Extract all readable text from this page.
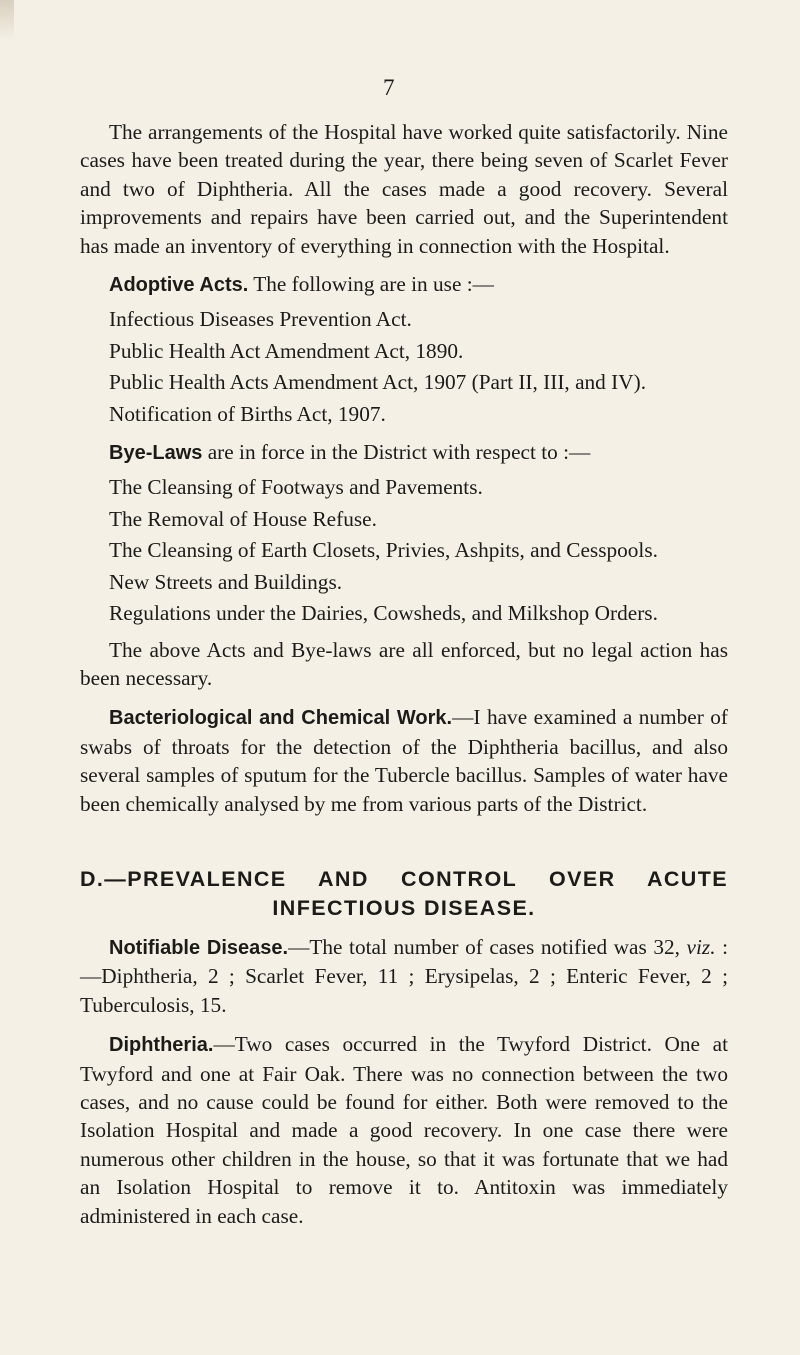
7

The arrangements of the Hospital have worked quite satisfactorily. Nine cases have been treated during the year, there being seven of Scarlet Fever and two of Diphtheria. All the cases made a good recovery. Several improvements and repairs have been carried out, and the Superintendent has made an inventory of everything in connection with the Hospital.

Adoptive Acts. The following are in use :—

Infectious Diseases Prevention Act.

Public Health Act Amendment Act, 1890.

Public Health Acts Amendment Act, 1907 (Part II, III, and IV).

Notification of Births Act, 1907.

Bye-Laws are in force in the District with respect to :—

The Cleansing of Footways and Pavements.

The Removal of House Refuse.

The Cleansing of Earth Closets, Privies, Ashpits, and Cesspools.

New Streets and Buildings.

Regulations under the Dairies, Cowsheds, and Milkshop Orders.

The above Acts and Bye-laws are all enforced, but no legal action has been necessary.

Bacteriological and Chemical Work.—I have examined a number of swabs of throats for the detection of the Diphtheria bacillus, and also several samples of sputum for the Tubercle bacillus. Samples of water have been chemically analysed by me from various parts of the District.

D.—PREVALENCE AND CONTROL OVER ACUTE
INFECTIOUS DISEASE.

Notifiable Disease.—The total number of cases notified was 32, viz. :—Diphtheria, 2 ; Scarlet Fever, 11 ; Erysipelas, 2 ; Enteric Fever, 2 ; Tuberculosis, 15.

Diphtheria.—Two cases occurred in the Twyford District. One at Twyford and one at Fair Oak. There was no connection between the two cases, and no cause could be found for either. Both were removed to the Isolation Hospital and made a good recovery. In one case there were numerous other children in the house, so that it was fortunate that we had an Isolation Hospital to remove it to. Antitoxin was immediately administered in each case.
